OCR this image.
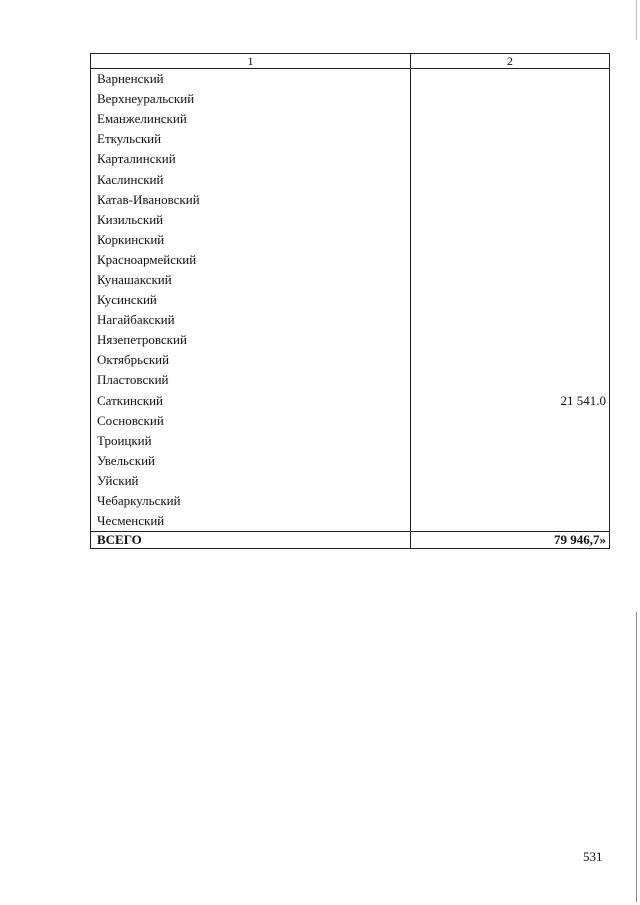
1	2
Варненский	
Верхнеуральский	
Еманжелинский	
Еткульский	
Карталинский	
Каслинский	
Катав-Ивановский	
Кизильский	
Коркинский	
Красноармейский	
Кунашакский	
Кусинский	
Нагайбакский	
Нязепетровский	
Октябрьский	
Пластовский	
Саткинский	21 541.0
Сосновский	
Троицкий	
Увельский	
Уйский	
Чебаркульский	
Чесменский	
ВСЕГО	79 946,7»
531
